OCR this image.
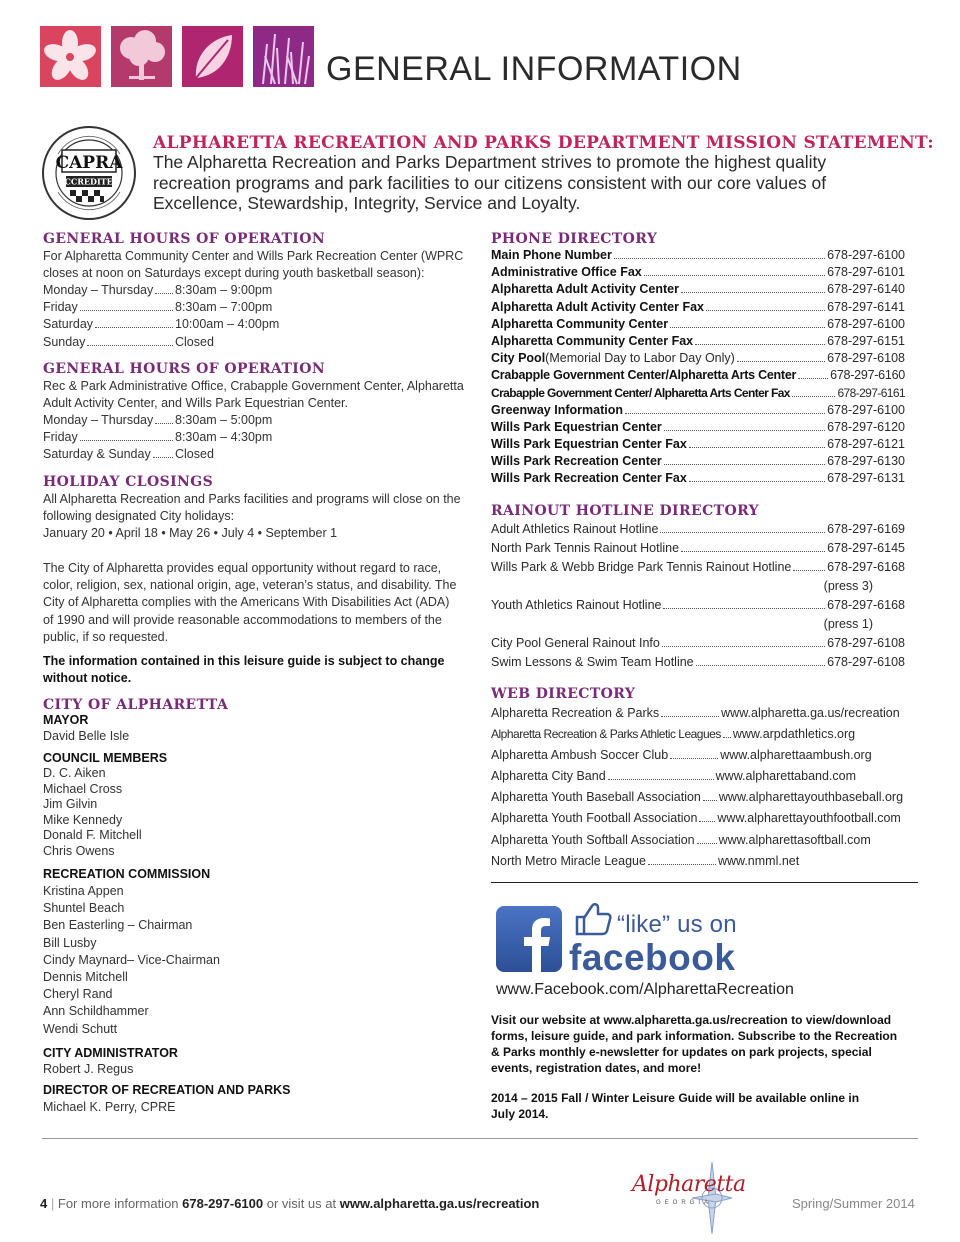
GENERAL INFORMATION
CAPRA
ACCREDITED
ALPHARETTA RECREATION AND PARKS DEPARTMENT MISSION STATEMENT:
The Alpharetta Recreation and Parks Department strives to promote the highest quality
recreation programs and park facilities to our citizens consistent with our core values of
Excellence, Stewardship, Integrity, Service and Loyalty.
GENERAL HOURS OF OPERATION
For Alpharetta Community Center and Wills Park Recreation Center (WPRC
closes at noon on Saturdays except during youth basketball season):
Monday – Thursday 8:30am – 9:00pm
Friday	8:30am – 7:00pm
Saturday	10:00am – 4:00pm
Sunday	Closed
GENERAL HOURS OF OPERATION
Rec & Park Administrative Office, Crabapple Government Center, Alpharetta
Adult Activity Center, and Wills Park Equestrian Center.
Monday – Thursday 8:30am – 5:00pm
Friday	8:30am – 4:30pm
Saturday & Sunday Closed
HOLIDAY CLOSINGS
All Alpharetta Recreation and Parks facilities and programs will close on the
following designated City holidays:
January 20 • April 18 • May 26 • July 4 • September 1
The City of Alpharetta provides equal opportunity without regard to race,
color, religion, sex, national origin, age, veteran’s status, and disability. The
City of Alpharetta complies with the Americans With Disabilities Act (ADA)
of 1990 and will provide reasonable accommodations to members of the
public, if so requested.
The information contained in this leisure guide is subject to change
without notice.
CITY OF ALPHARETTA
MAYOR
David Belle Isle
COUNCIL MEMBERS
D. C. Aiken
Michael Cross
Jim Gilvin
Mike Kennedy
Donald F. Mitchell
Chris Owens
RECREATION COMMISSION
Kristina Appen
Shuntel Beach
Ben Easterling – Chairman
Bill Lusby
Cindy Maynard– Vice-Chairman
Dennis Mitchell
Cheryl Rand
Ann Schildhammer
Wendi Schutt
CITY ADMINISTRATOR
Robert J. Regus
DIRECTOR OF RECREATION AND PARKS
Michael K. Perry, CPRE
PHONE DIRECTORY
Main Phone Number	678-297-6100
Administrative Office Fax	678-297-6101
Alpharetta Adult Activity Center	678-297-6140
Alpharetta Adult Activity Center Fax	678-297-6141
Alpharetta Community Center	678-297-6100
Alpharetta Community Center Fax	678-297-6151
City Pool (Memorial Day to Labor Day Only)	678-297-6108
Crabapple Government Center/Alpharetta Arts Center	678-297-6160
Crabapple Government Center/ Alpharetta Arts Center Fax	678-297-6161
Greenway Information	678-297-6100
Wills Park Equestrian Center	678-297-6120
Wills Park Equestrian Center Fax	678-297-6121
Wills Park Recreation Center	678-297-6130
Wills Park Recreation Center Fax	678-297-6131
RAINOUT HOTLINE DIRECTORY
Adult Athletics Rainout Hotline	678-297-6169
North Park Tennis Rainout Hotline	678-297-6145
Wills Park & Webb Bridge Park Tennis Rainout Hotline	678-297-6168
(press 3)
Youth Athletics Rainout Hotline	678-297-6168
(press 1)
City Pool General Rainout Info	678-297-6108
Swim Lessons & Swim Team Hotline	678-297-6108
WEB DIRECTORY
Alpharetta Recreation & Parks	www.alpharetta.ga.us/recreation
Alpharetta Recreation & Parks Athletic Leagues www.arpdathletics.org
Alpharetta Ambush Soccer Club	www.alpharettaambush.org
Alpharetta City Band	www.alpharettaband.com
Alpharetta Youth Baseball Association www.alpharettayouthbaseball.org
Alpharetta Youth Football Association www.alpharettayouthfootball.com
Alpharetta Youth Softball Association www.alpharettasoftball.com
North Metro Miracle League	www.nmml.net
“like” us on
facebook
www.Facebook.com/AlpharettaRecreation
Visit our website at www.alpharetta.ga.us/recreation to view/download
forms, leisure guide, and park information. Subscribe to the Recreation
& Parks monthly e-newsletter for updates on park projects, special
events, registration dates, and more!
2014 – 2015 Fall / Winter Leisure Guide will be available online in
July 2014.
4 | For more information 678-297-6100 or visit us at www.alpharetta.ga.us/recreation
Alpharetta
GEORGIA	Spring/Summer 2014
